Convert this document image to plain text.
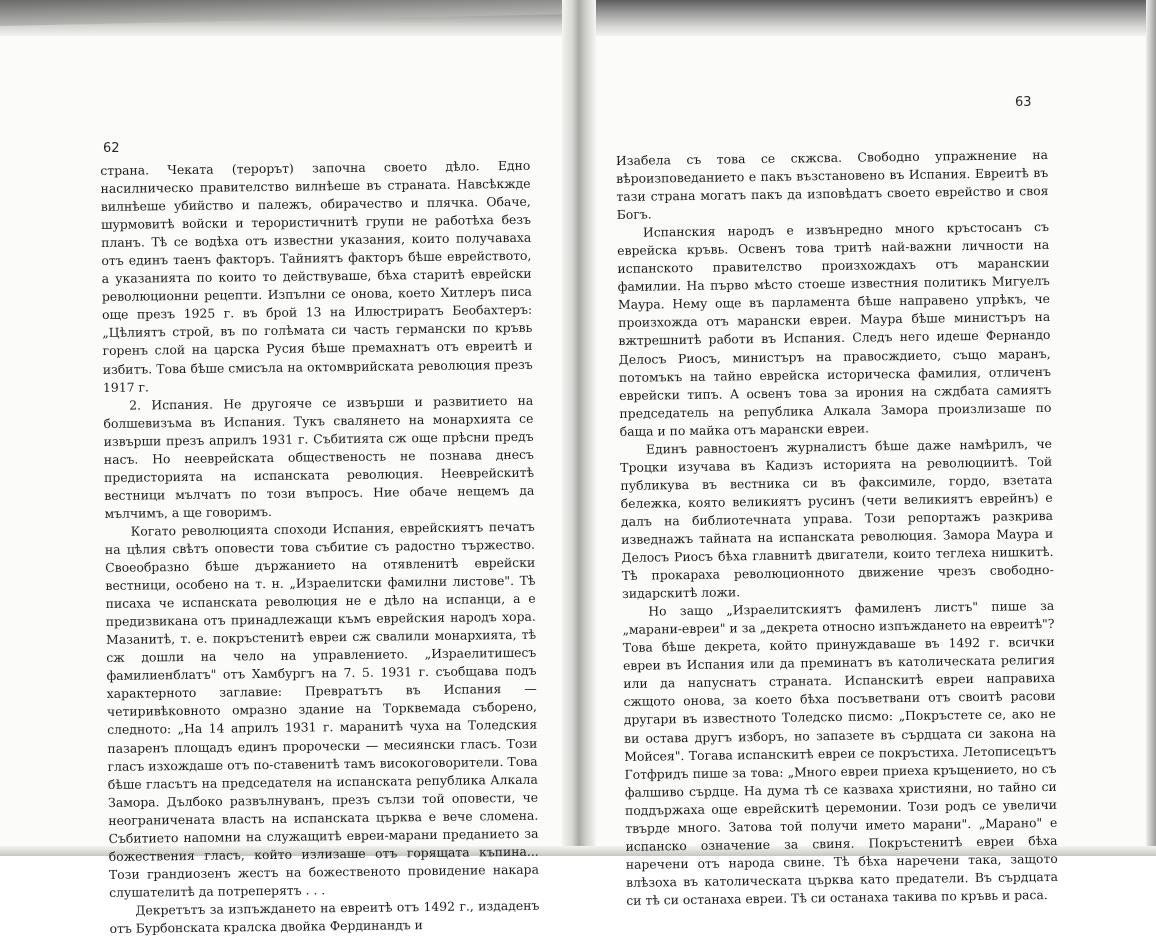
62
63

страна. Чеката (терорът) започна своето дѣло. Едно насилническо правителство вилнѣеше въ страната. Навсѣкжде вилнѣеше убийство и палежъ, обирачество и плячка. Обаче, шурмовитѣ войски и терористичнитѣ групи не работѣха безъ планъ. Тѣ се водѣха отъ известни указания, които получаваха отъ единъ таенъ факторъ. Тайниятъ факторъ бѣше еврейството, а указанията по които то действуваше, бѣха старитѣ еврейски революционни рецепти. Изпълни се онова, което Хитлеръ писа още презъ 1925 г. въ брой 13 на Илюстриратъ Беобахтеръ: „Цѣлиятъ строй, въ по голѣмата си часть германски по кръвь горенъ слой на царска Русия бѣше премахнатъ отъ евреитѣ и избитъ. Това бѣше смисъла на октомврийската революция презъ 1917 г.

2. Испания. Не другояче се извърши и развитието на болшевизъма въ Испания. Тукъ свалянето на монархията се извърши презъ априлъ 1931 г. Събитията сж още прѣсни предъ насъ. Но нееврейската общественость не познава днесъ предисторията на испанската революция. Нееврейскитѣ вестници мълчатъ по този въпросъ. Ние обаче нещемъ да мълчимъ, а ще говоримъ.

Когато революцията споходи Испания, еврейскиятъ печатъ на цѣлия свѣтъ оповести това събитие съ радостно тържество. Своеобразно бѣше държанието на отявленитѣ еврейски вестници, особено на т. н. „Израелитски фамилни листове". Тѣ писаха че испанската революция не е дѣло на испанци, а е предизвикана отъ принадлежащи къмъ еврейския народъ хора. Мазанитѣ, т. е. покръстенитѣ евреи сж свалили монархията, тѣ сж дошли на чело на управлението. „Израелитишесъ фамилиенблатъ" отъ Хамбургъ на 7. 5. 1931 г. съобщава подъ характерното заглавие: Превратътъ въ Испания — четиривѣковното омразно здание на Торквемада съборено, следното: „На 14 априлъ 1931 г. маранитѣ чуха на Толедския пазаренъ площадъ единъ пророчески — месиянски гласъ. Този гласъ изхождаше отъ по-ставенитѣ тамъ високоговорители. Това бѣше гласътъ на председателя на испанската република Алкала Замора. Дълбоко развълнуванъ, презъ сълзи той оповести, че неограничената власть на испанската църква е вече сломена. Събитието напомни на служащитѣ евреи-марани преданието за божествения гласъ, който излизаше отъ горящата къпина... Този грандиозенъ жестъ на божественото провидение накара слушателитѣ да потреперятъ . . .

Декретътъ за изпъждането на евреитѣ отъ 1492 г., издаденъ отъ Бурбонската кралска двойка Фердинандъ и

Изабела съ това се скжсва. Свободно упражнение на вѣроизповеданието е пакъ възстановено въ Испания. Евреитѣ въ тази страна могатъ пакъ да изповѣдатъ своето еврейство и своя Богъ.

Испанския народъ е извънредно много кръстосанъ съ еврейска кръвь. Освенъ това тритѣ най-важни личности на испанското правителство произхождахъ отъ маранскии фамилии. На първо мѣсто стоеше известния политикъ Мигуелъ Маура. Нему още въ парламента бѣше направено упрѣкъ, че произхожда отъ марански евреи. Маура бѣше министъръ на вжтрешнитѣ работи въ Испания. Следъ него идеше Фернандо Делосъ Риосъ, министъръ на правосждието, също маранъ, потомъкъ на тайно еврейска историческа фамилия, отличенъ еврейски типъ. А освенъ това за ирония на сждбата самиятъ председатель на република Алкала Замора произлизаше по баща и по майка отъ марански евреи.

Единъ равностоенъ журналистъ бѣше даже намѣрилъ, че Троцки изучава въ Кадизъ историята на революциитѣ. Той публикува въ вестника си въ факсимиле, гордо, взетата бележка, която великиятъ русинъ (чети великиятъ еврейнъ) е далъ на библиотечната управа. Този репортажъ разкрива изведнажъ тайната на испанската революция. Замора Маура и Делосъ Риосъ бѣха главнитѣ двигатели, които теглеха нишкитѣ. Тѣ прокараха революционното движение чрезъ свободно-зидарскитѣ ложи.

Но защо „Израелитскиятъ фамиленъ листъ" пише за „марани-евреи" и за „декрета относно изпъждането на евреитѣ"? Това бѣше декрета, който принуждаваше въ 1492 г. всички евреи въ Испания или да преминатъ въ католическата религия или да напуснатъ страната. Испанскитѣ евреи направиха сжщото онова, за което бѣха посъветвани отъ своитѣ расови другари въ известното Толедско писмо: „Покръстете се, ако не ви остава другъ изборъ, но запазете въ сърдцата си закона на Мойсея". Тогава испанскитѣ евреи се покръстиха. Летописецътъ Готфридъ пише за това: „Много евреи приеха кръщението, но съ фалшиво сърдце. На дума тѣ се казваха християни, но тайно си поддържаха още еврейскитѣ церемонии. Този родъ се увеличи твърде много. Затова той получи името марани". „Марано" е испанско означение за свиня. Покръстенитѣ евреи бѣха наречени отъ народа свине. Тѣ бѣха наречени така, защото влѣзоха въ католическата църква като предатели. Въ сърдцата си тѣ си останаха евреи. Тѣ си останаха такива по кръвь и раса.
